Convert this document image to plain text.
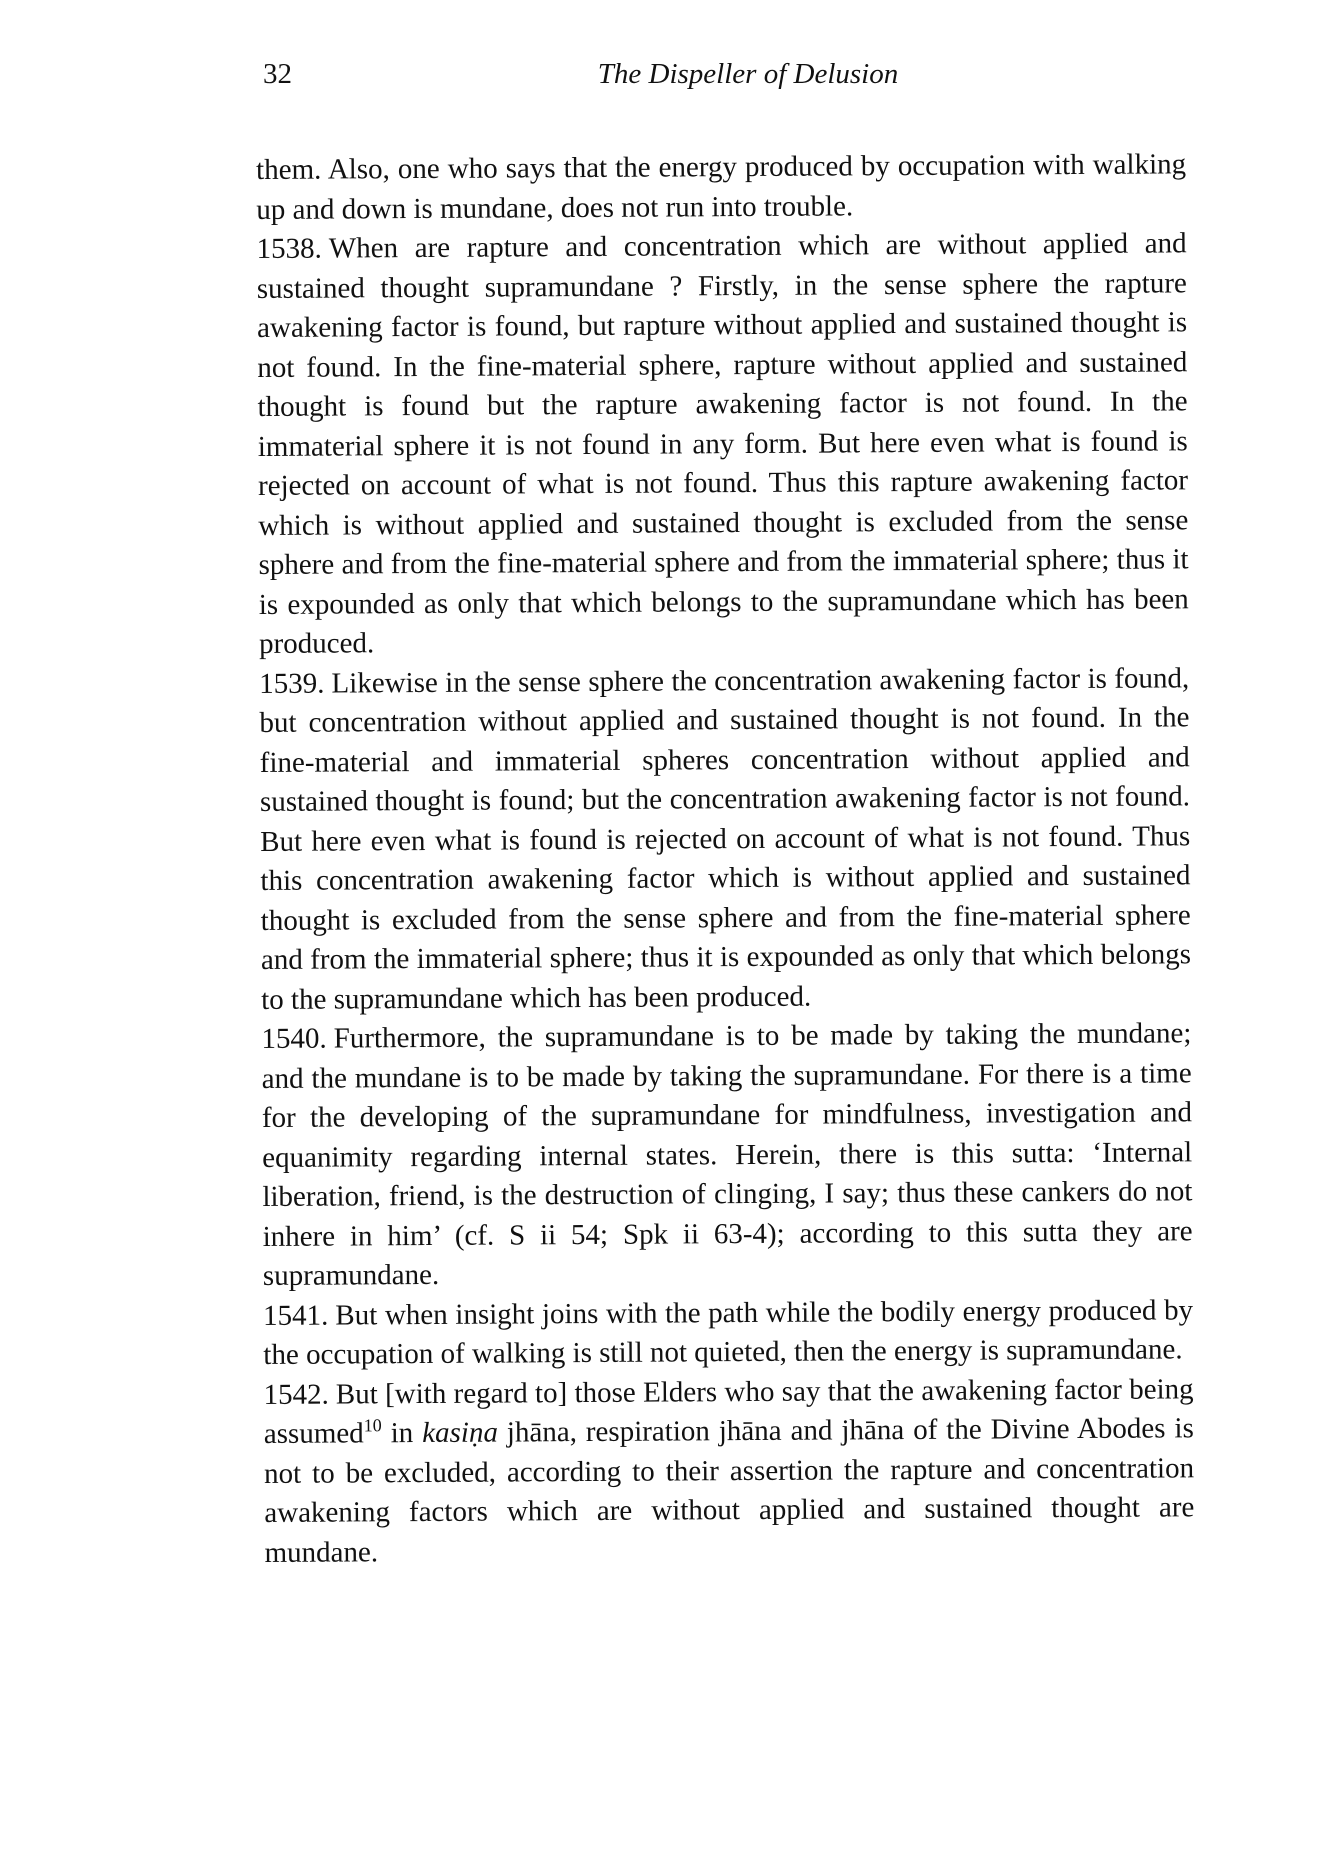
32	The Dispeller of Delusion

them. Also, one who says that the energy produced by occupation with walking up and down is mundane, does not run into trouble.

1538. When are rapture and concentration which are without applied and sustained thought supramundane ? Firstly, in the sense sphere the rapture awakening factor is found, but rapture without applied and sustained thought is not found. In the fine-material sphere, rapture without applied and sustained thought is found but the rapture awakening factor is not found. In the immaterial sphere it is not found in any form. But here even what is found is rejected on account of what is not found. Thus this rapture awakening factor which is without applied and sustained thought is excluded from the sense sphere and from the fine-material sphere and from the immaterial sphere; thus it is expounded as only that which belongs to the supramundane which has been produced.

1539. Likewise in the sense sphere the concentration awakening factor is found, but concentration without applied and sustained thought is not found. In the fine-material and immaterial spheres concentration without applied and sustained thought is found; but the concentration awakening factor is not found. But here even what is found is rejected on account of what is not found. Thus this concentration awakening factor which is without applied and sustained thought is excluded from the sense sphere and from the fine-material sphere and from the immaterial sphere; thus it is expounded as only that which belongs to the supramundane which has been produced.

1540. Furthermore, the supramundane is to be made by taking the mundane; and the mundane is to be made by taking the supramundane. For there is a time for the developing of the supramundane for mindfulness, investigation and equanimity regarding internal states. Herein, there is this sutta: ‘Internal liberation, friend, is the destruction of clinging, I say; thus these cankers do not inhere in him’ (cf. S ii 54; Spk ii 63-4); according to this sutta they are supramundane.

1541. But when insight joins with the path while the bodily energy produced by the occupation of walking is still not quieted, then the energy is supramundane.

1542. But [with regard to] those Elders who say that the awakening factor being assumed$^{10}$ in kasiṇa jhāna, respiration jhāna and jhāna of the Divine Abodes is not to be excluded, according to their assertion the rapture and concentration awakening factors which are without applied and sustained thought are mundane.
